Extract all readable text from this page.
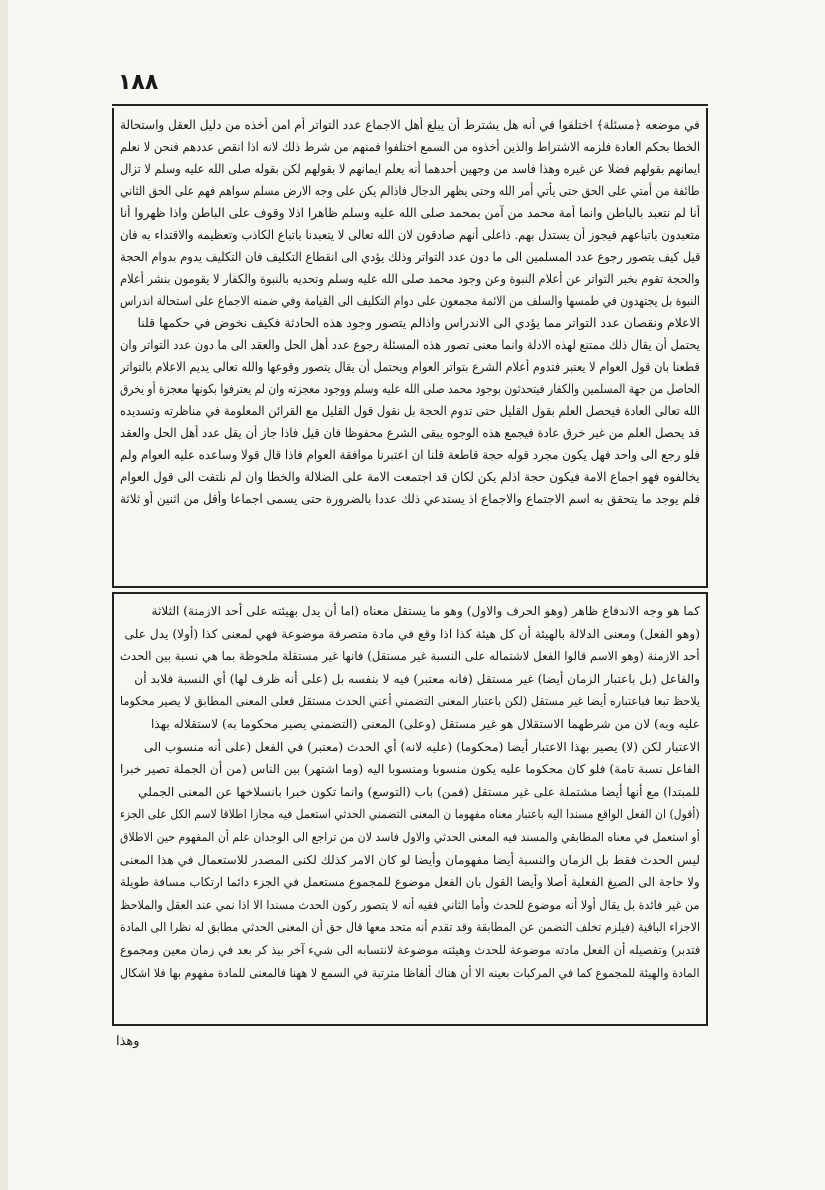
١٨٨
في موضعه ﴿مسئلة﴾ اختلفوا في أنه هل يشترط أن يبلغ أهل الاجماع عدد التواتر أم امن أخذه من دليل العقل واستحالة
الخطا بحكم العادة فلزمه الاشتراط والذين أخذوه من السمع اختلفوا فمنهم من شرط ذلك لانه اذا انقص عددهم فنحن لا نعلم
ايمانهم بقولهم فضلا عن غيره وهذا فاسد من وجهين أحدهما أنه يعلم ايمانهم لا بقولهم لكن بقوله صلى الله عليه وسلم لا تزال
طائفة من أمتي على الحق حتى يأتي أمر الله وحتى يظهر الدجال فاذالم يكن على وجه الارض مسلم سواهم فهم على الحق الثاني
أنا لم نتعبد بالباطن وانما أمة محمد من آمن بمحمد صلى الله عليه وسلم ظاهرا اذلا وقوف على الباطن واذا ظهروا أنا
متعبدون باتباعهم فيجوز أن يستدل بهم. ذاعلى أنهم صادقون لان الله تعالى لا يتعبدنا باتباع الكاذب وتعظيمه والاقتداء به فان
قيل كيف يتصور رجوع عدد المسلمين الى ما دون عدد التواتر وذلك يؤدي الى انقطاع التكليف فان التكليف يدوم بدوام الحجة
والحجة تقوم بخبر التواتر عن أعلام النبوة وعن وجود محمد صلى الله عليه وسلم وتحديه بالنبوة والكفار لا يقومون بنشر أعلام
النبوة بل يجتهدون في طمسها والسلف من الائمة مجمعون على دوام التكليف الى القيامة وفي ضمنه الاجماع على استحالة اندراس
الاعلام ونقصان عدد التواتر مما يؤدي الى الاندراس واذالم يتصور وجود هذه الحادثة فكيف نخوض في حكمها قلنا
يحتمل أن يقال ذلك ممتنع لهذه الادلة وانما معنى تصور هذه المسئلة رجوع عدد أهل الحل والعقد الى ما دون عدد التواتر وان
قطعنا بان قول العوام لا يعتبر فتدوم أعلام الشرع بتواتر العوام ويحتمل أن يقال يتصور وقوعها والله تعالى يديم الاعلام بالتواتر
الحاصل من جهة المسلمين والكفار فيتحدثون بوجود محمد صلى الله عليه وسلم ووجود معجزته وان لم يعترفوا بكونها معجزة أو يخرق
الله تعالى العادة فيحصل العلم بقول القليل حتى تدوم الحجة بل نقول قول القليل مع القرائن المعلومة في مناظرته وتسديده
قد يحصل العلم من غير خرق عادة فيجمع هذه الوجوه يبقى الشرع محفوظا فان قيل فاذا جاز أن يقل عدد أهل الحل والعقد
فلو رجع الى واحد فهل يكون مجرد قوله حجة قاطعة قلنا ان اعتبرنا موافقة العوام فاذا قال قولا وساعده عليه العوام ولم
يخالفوه فهو اجماع الامة فيكون حجة اذلم يكن لكان قد اجتمعت الامة على الضلالة والخطا وان لم نلتفت الى قول العوام
فلم يوجد ما يتحقق به اسم الاجتماع والاجماع اذ يستدعي ذلك عددا بالضرورة حتى يسمى اجماعا وأقل من اثنين أو ثلاثة
كما هو وجه الاندفاع ظاهر (وهو الحرف والاول) وهو ما يستقل معناه (اما أن يدل بهيئته على أحد الازمنة) الثلاثة
(وهو الفعل) ومعنى الدلالة بالهيئة أن كل هيئة كذا اذا وقع في مادة متصرفة موضوعة فهي لمعنى كذا (أولا) يدل على
أحد الازمنة (وهو الاسم قالوا الفعل لاشتماله على النسبة غير مستقل) فانها غير مستقلة ملحوظة بما هي نسبة بين الحدث
والفاعل (بل باعتبار الزمان أيضا) غير مستقل (فانه معتبر) فيه لا بنفسه بل (على أنه ظرف لها) أي النسبة فلابد أن
يلاحظ تبعا فباعتباره أيضا غير مستقل (لكن باعتبار المعنى التضمني أعني الحدث مستقل فعلى المعنى المطابق لا يصير محكوما
عليه وبه) لان من شرطهما الاستقلال هو غير مستقل (وعلى) المعنى (التضمني يصير محكوما به) لاستقلاله بهذا
الاعتبار لكن (لا) يصير بهذا الاعتبار أيضا (محكوما) (عليه لانه) أي الحدث (معتبر) في الفعل (على أنه منسوب الى
الفاعل نسبة تامة) فلو كان محكوما عليه يكون منسوبا ومنسوبا اليه (وما اشتهر) بين الناس (من أن الجملة تصير خبرا
للمبتدا) مع أنها أيضا مشتملة على غير مستقل (فمن) باب (التوسع) وانما تكون خبرا بانسلاخها عن المعنى الجملي
(أقول) ان الفعل الواقع مسندا اليه باعتبار معناه مفهوما ن المعنى التضمني الحدثي استعمل فيه مجازا اطلاقا لاسم الكل على الجزء
أو استعمل في معناه المطابقي والمسند فيه المعنى الحدثي والاول فاسد لان من تراجع الى الوجدان علم أن المفهوم حين الاطلاق
ليس الحدث فقط بل الزمان والنسبة أيضا مفهومان وأيضا لو كان الامر كذلك لكنى المصدر للاستعمال في هذا المعنى
ولا حاجة الى الصيغ الفعلية أصلا وأيضا القول بان الفعل موضوع للمجموع مستعمل في الجزء دائما ارتكاب مسافة طويلة
من غير فائدة بل يقال أولا أنه موضوع للحدث وأما الثاني ففيه أنه لا يتصور ركون الحدث مسندا الا اذا نمي عند العقل والملاحظ
الاجزاء الباقية (فيلزم تخلف التضمن عن المطابقة وقد تقدم أنه متحد معها قال حق أن المعنى الحدثي مطابق له نظرا الى المادة
فتدبر) وتفصيله أن الفعل مادته موضوعة للحدث وهيئته موضوعة لانتسابه الى شيء آخر بيذ كر بعد في زمان معين ومجموع
المادة والهيئة للمجموع كما في المركبات بعينه الا أن هناك ألفاظا مترتبة في السمع لا ههنا فالمعنى للمادة مفهوم بها فلا اشكال
وهذا
